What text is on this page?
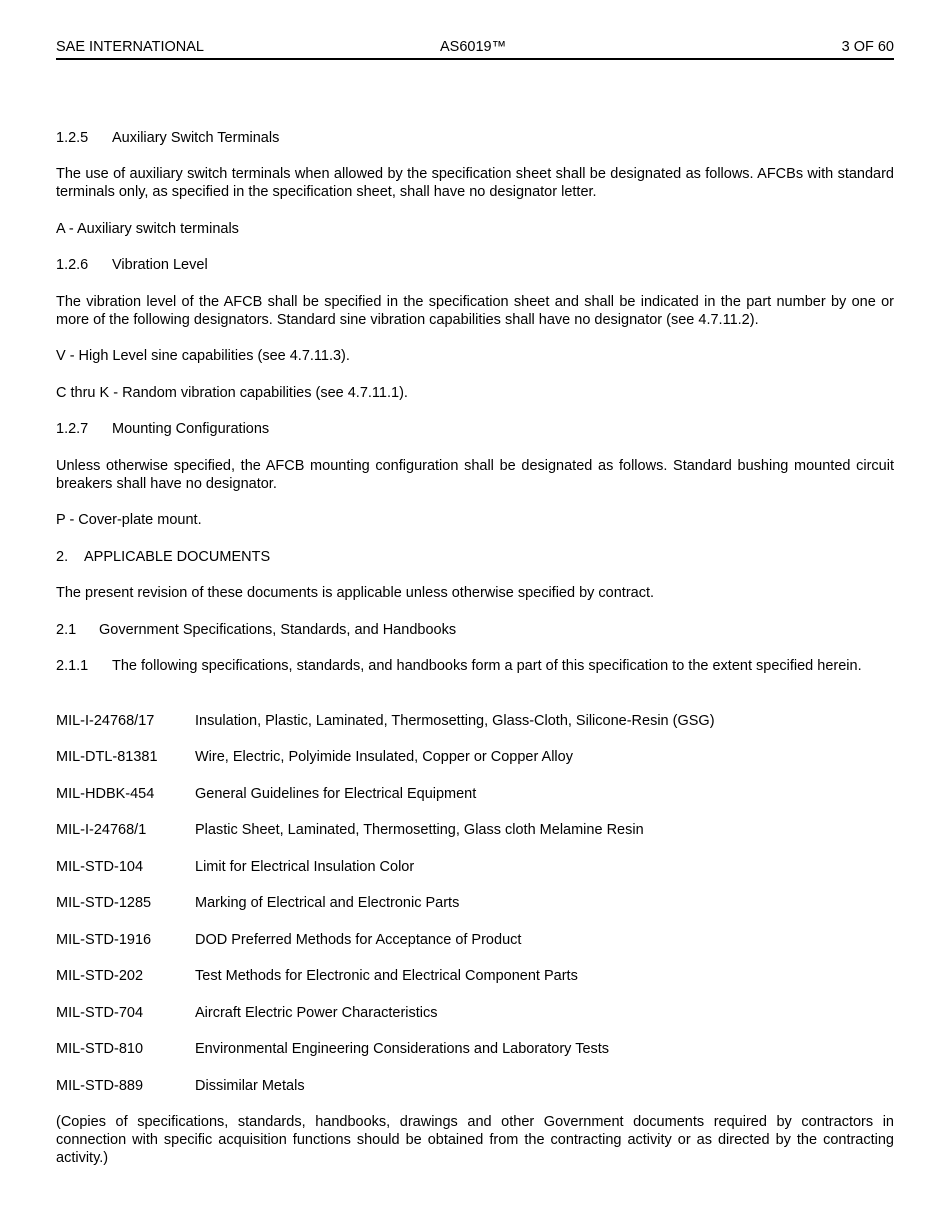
SAE INTERNATIONAL	AS6019™	3 OF 60
1.2.5 Auxiliary Switch Terminals
The use of auxiliary switch terminals when allowed by the specification sheet shall be designated as follows. AFCBs with standard terminals only, as specified in the specification sheet, shall have no designator letter.
A - Auxiliary switch terminals
1.2.6 Vibration Level
The vibration level of the AFCB shall be specified in the specification sheet and shall be indicated in the part number by one or more of the following designators. Standard sine vibration capabilities shall have no designator (see 4.7.11.2).
V - High Level sine capabilities (see 4.7.11.3).
C thru K - Random vibration capabilities (see 4.7.11.1).
1.2.7 Mounting Configurations
Unless otherwise specified, the AFCB mounting configuration shall be designated as follows. Standard bushing mounted circuit breakers shall have no designator.
P - Cover-plate mount.
2. APPLICABLE DOCUMENTS
The present revision of these documents is applicable unless otherwise specified by contract.
2.1 Government Specifications, Standards, and Handbooks
2.1.1	The following specifications, standards, and handbooks form a part of this specification to the extent specified herein.
MIL-I-24768/17	Insulation, Plastic, Laminated, Thermosetting, Glass-Cloth, Silicone-Resin (GSG)
MIL-DTL-81381	Wire, Electric, Polyimide Insulated, Copper or Copper Alloy
MIL-HDBK-454	General Guidelines for Electrical Equipment
MIL-I-24768/1	Plastic Sheet, Laminated, Thermosetting, Glass cloth Melamine Resin
MIL-STD-104	Limit for Electrical Insulation Color
MIL-STD-1285	Marking of Electrical and Electronic Parts
MIL-STD-1916	DOD Preferred Methods for Acceptance of Product
MIL-STD-202	Test Methods for Electronic and Electrical Component Parts
MIL-STD-704	Aircraft Electric Power Characteristics
MIL-STD-810	Environmental Engineering Considerations and Laboratory Tests
MIL-STD-889	Dissimilar Metals
(Copies of specifications, standards, handbooks, drawings and other Government documents required by contractors in connection with specific acquisition functions should be obtained from the contracting activity or as directed by the contracting activity.)
